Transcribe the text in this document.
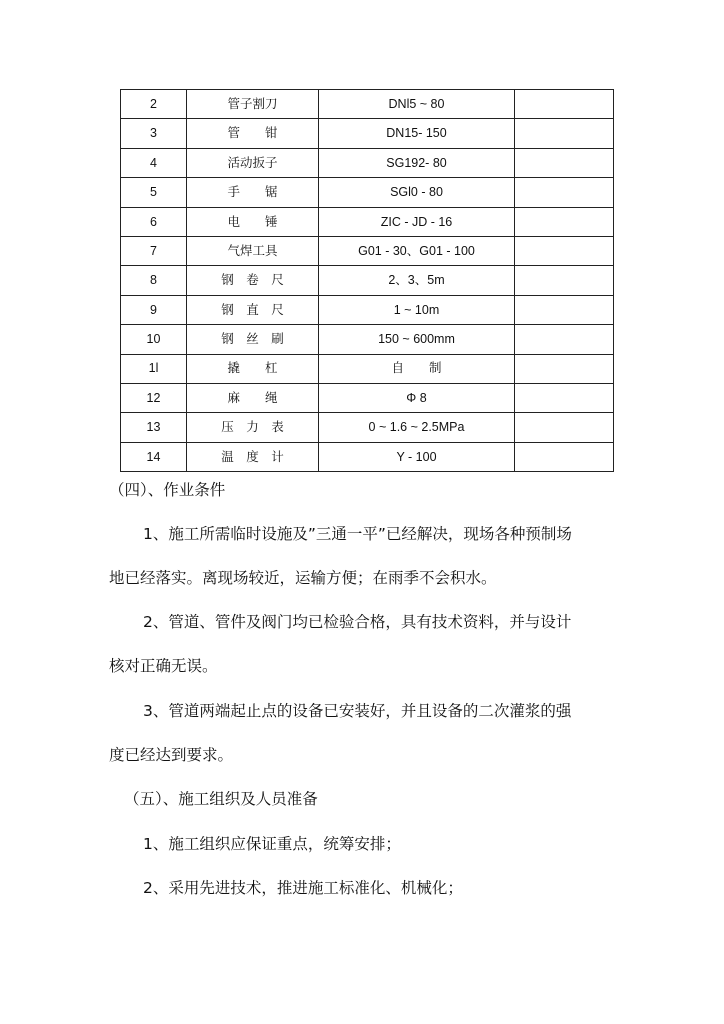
2	管子割刀	DNl5 ~ 80	
3	管　　钳	DN15- 150	
4	活动扳子	SG192- 80	
5	手　　锯	SGl0 - 80	
6	电　　锤	ZIC - JD - 16	
7	气焊工具	G01 - 30、G01 - 100	
8	钢　卷　尺	2、3、5m	
9	钢　直　尺	1 ~ 10m	
10	钢　丝　刷	150 ~ 600mm	
1l	撬　　杠	自　　制	
12	麻　　绳	Φ 8	
13	压　力　表	0 ~ 1.6 ~ 2.5MPa	
14	温　度　计	Y - 100	
（四）、作业条件
1、施工所需临时设施及”三通一平”已经解决，现场各种预制场
地已经落实。离现场较近，运输方便；在雨季不会积水。
2、管道、管件及阀门均已检验合格，具有技术资料，并与设计
核对正确无误。
3、管道两端起止点的设备已安装好，并且设备的二次灌浆的强
度已经达到要求。
（五）、施工组织及人员准备
1、施工组织应保证重点，统筹安排；
2、采用先进技术，推进施工标准化、机械化；
